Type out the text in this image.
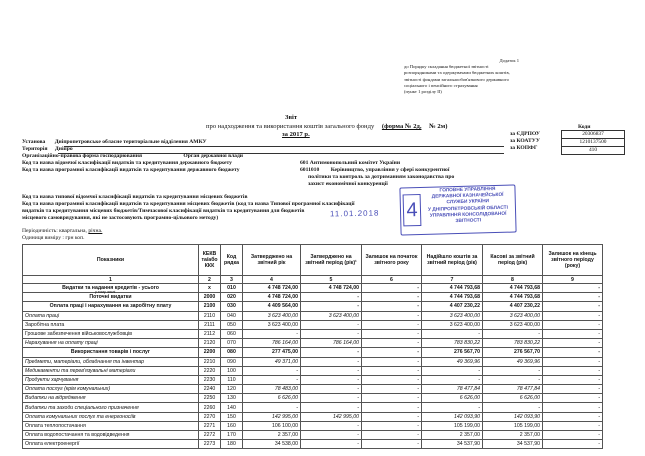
Додаток 1
до Порядку складання бюджетної звітності
розпорядниками та одержувачами бюджетних коштів,
звітності фондами загальнообов'язкового державного
соціального і пенсійного страхування
(пункт 1 розділу II)
Звіт
про надходження та використання коштів загального фонду (форма № 2д, № 2м)
за 2017 р.
Коди
20306837
1210137500
410
за ЄДРПОУ
за КОАТУУ
за КОПФГ
Установа Дніпропетровське обласне територіальне відділення АМКУ
Територія Дніпро
Організаційно-правова форма господарювання	Орган державної влади
Код та назва відомчої класифікації видатків та кредитування державного бюджету	601 Антимонопольний комітет України
Код та назва програмної класифікації видатків та кредитування державного бюджету	6011010 Керівництво, управління у сфері конкурентної
політики та контроль за дотриманням законодавства про
захист економічної конкуренції
Код та назва типової відомчої класифікації видатків та кредитування місцевих бюджетів
Код та назва програмної класифікації видатків та кредитування місцевих бюджетів (код та назва Типової програмної класифікації
видатків та кредитування місцевих бюджетів/Тимчасової класифікації видатків та кредитування для бюджетів
місцевого самоврядування, які не застосовують програмно-цільового методу)
Періодичність: квартальна, річна.
Одиниця виміру : грн коп.
4
ГОЛОВНЕ УПРАВЛІННЯ
ДЕРЖАВНОЇ КАЗНАЧЕЙСЬКОЇ
СЛУЖБИ УКРАЇНИ
У ДНІПРОПЕТРОВСЬКІЙ ОБЛАСТІ
УПРАВЛІННЯ КОНСОЛІДОВАНОЇ
ЗВІТНОСТІ
11.01.2018
Показники	КЕКВ та/або ККК	Код рядка	Затверджено на звітний рік	Затверджено на звітний період (рік)¹	Залишок на початок звітного року	Надійшло коштів за звітний період (рік)	Касові за звітний період (рік)	Залишок на кінець звітного періоду (року)
1	2	3	4	5	6	7	8	9
Видатки та надання кредитів - усього	х	010	4 748 724,00	4 748 724,00	-	4 744 793,68	4 744 793,68	-

у тому числі
Поточні видатки	2000	020	4 748 724,00	-	-	4 744 793,68	4 744 793,68	-
Оплата праці і нарахування на заробітну плату	2100	030	4 409 564,00	-	-	4 407 230,22	4 407 230,22	-
Оплата праці	2110	040	3 623 400,00	3 623 400,00	-	3 623 400,00	3 623 400,00	-
Заробітна плата	2111	050	3 623 400,00	-	-	3 623 400,00	3 623 400,00	-
Грошове забезпечення військовослужбовців	2112	060	-	-	-	-	-	-
Нарахування на оплату праці	2120	070	786 164,00	786 164,00	-	783 830,22	783 830,22	-
Використання товарів і послуг	2200	080	277 475,00	-	-	276 567,70	276 567,70	-
Предмети, матеріали, обладнання та інвентар	2210	090	49 371,00	-	-	49 369,96	49 369,96	-
Медикаменти та перев'язувальні матеріали	2220	100	-	-	-	-	-	-
Продукти харчування	2230	110	-	-	-	-	-	-
Оплата послуг (крім комунальних)	2240	120	78 483,00	-	-	78 477,84	78 477,84	-
Видатки на відрядження	2250	130	6 626,00	-	-	6 626,00	6 626,00	-
Видатки та заходи спеціального призначення	2260	140	-	-	-	-	-	-
Оплата комунальних послуг та енергоносіїв	2270	150	142 995,00	142 995,00	-	142 093,90	142 093,90	-
Оплата теплопостачання	2271	160	106 100,00	-	-	105 199,00	105 199,00	-
Оплата водопостачання та водовідведення	2272	170	2 357,00	-	-	2 357,00	2 357,00	-
Оплата електроенергії	2273	180	34 538,00	-	-	34 537,90	34 537,90	-
